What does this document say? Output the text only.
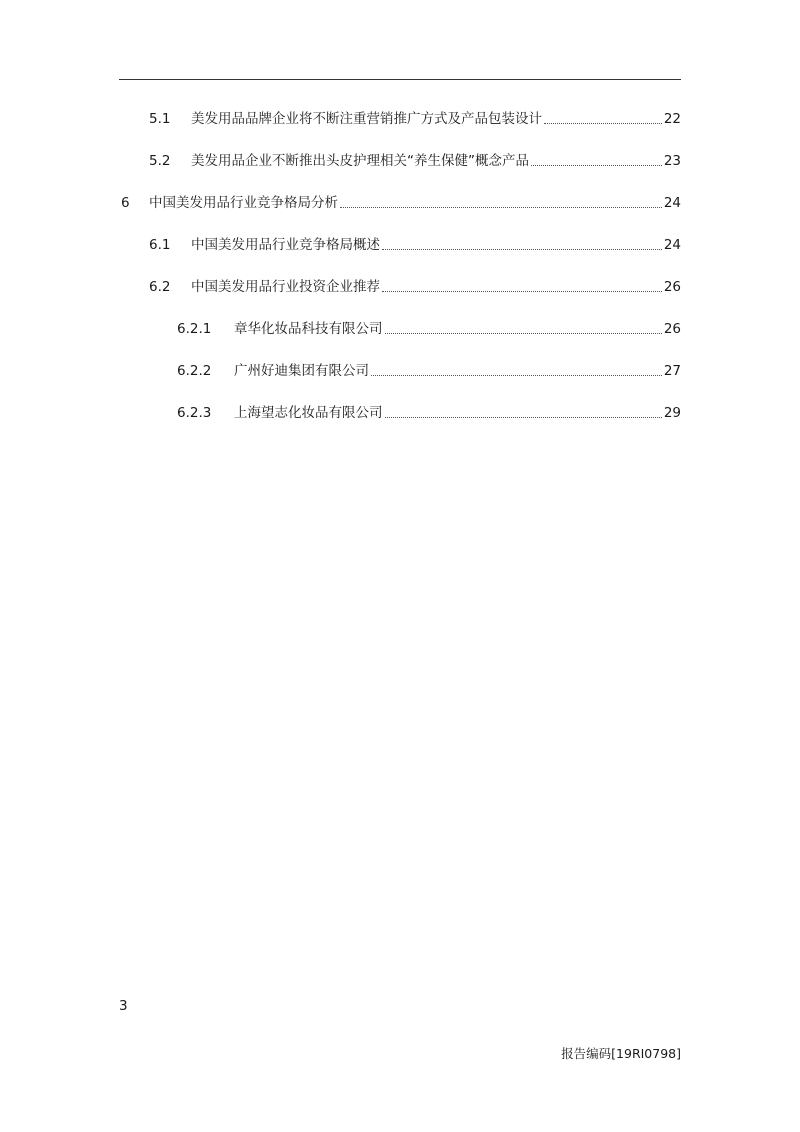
5.1	美发用品品牌企业将不断注重营销推广方式及产品包装设计	22
5.2	美发用品企业不断推出头皮护理相关“养生保健”概念产品	23
6	中国美发用品行业竞争格局分析	24
6.1	中国美发用品行业竞争格局概述	24
6.2	中国美发用品行业投资企业推荐	26
6.2.1	章华化妆品科技有限公司	26
6.2.2	广州好迪集团有限公司	27
6.2.3	上海望志化妆品有限公司	29
3
报告编码[19RI0798]
